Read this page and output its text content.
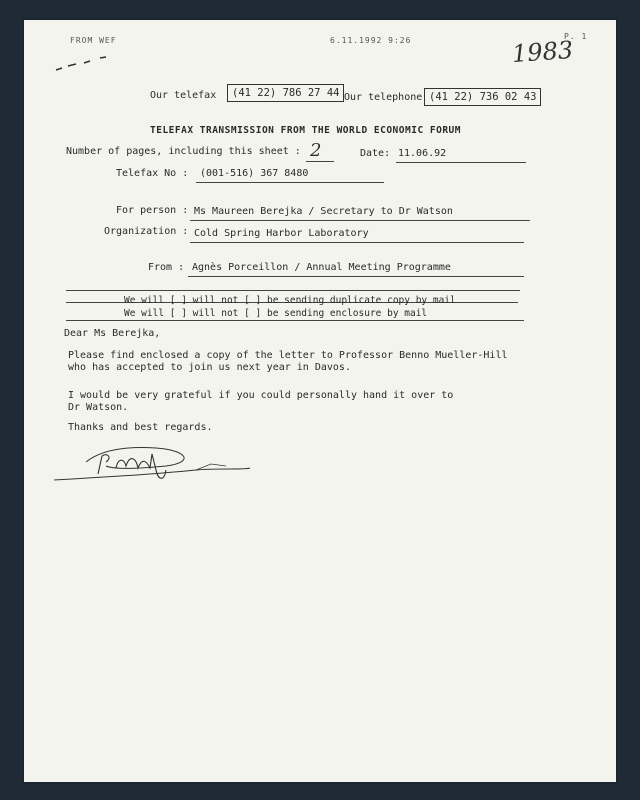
FROM WEF	6.11.1992 9:26	P. 1
1983
Our telefax	(41 22) 786 27 44 Our telephone (41 22) 736 02 43
TELEFAX TRANSMISSION FROM THE WORLD ECONOMIC FORUM
Number of pages, including this sheet : 2	Date: 11.06.92
Telefax No : (001-516) 367 8480
For person : Ms Maureen Berejka / Secretary to Dr Watson
Organization : Cold Spring Harbor Laboratory
From : Agnès Porceillon / Annual Meeting Programme
We will [ ] will not [ ] be sending duplicate copy by mail
We will [ ] will not [ ] be sending enclosure by mail
Dear Ms Berejka,
Please find enclosed a copy of the letter to Professor Benno Mueller-Hill
who has accepted to join us next year in Davos.
I would be very grateful if you could personally hand it over to
Dr Watson.
Thanks and best regards.
